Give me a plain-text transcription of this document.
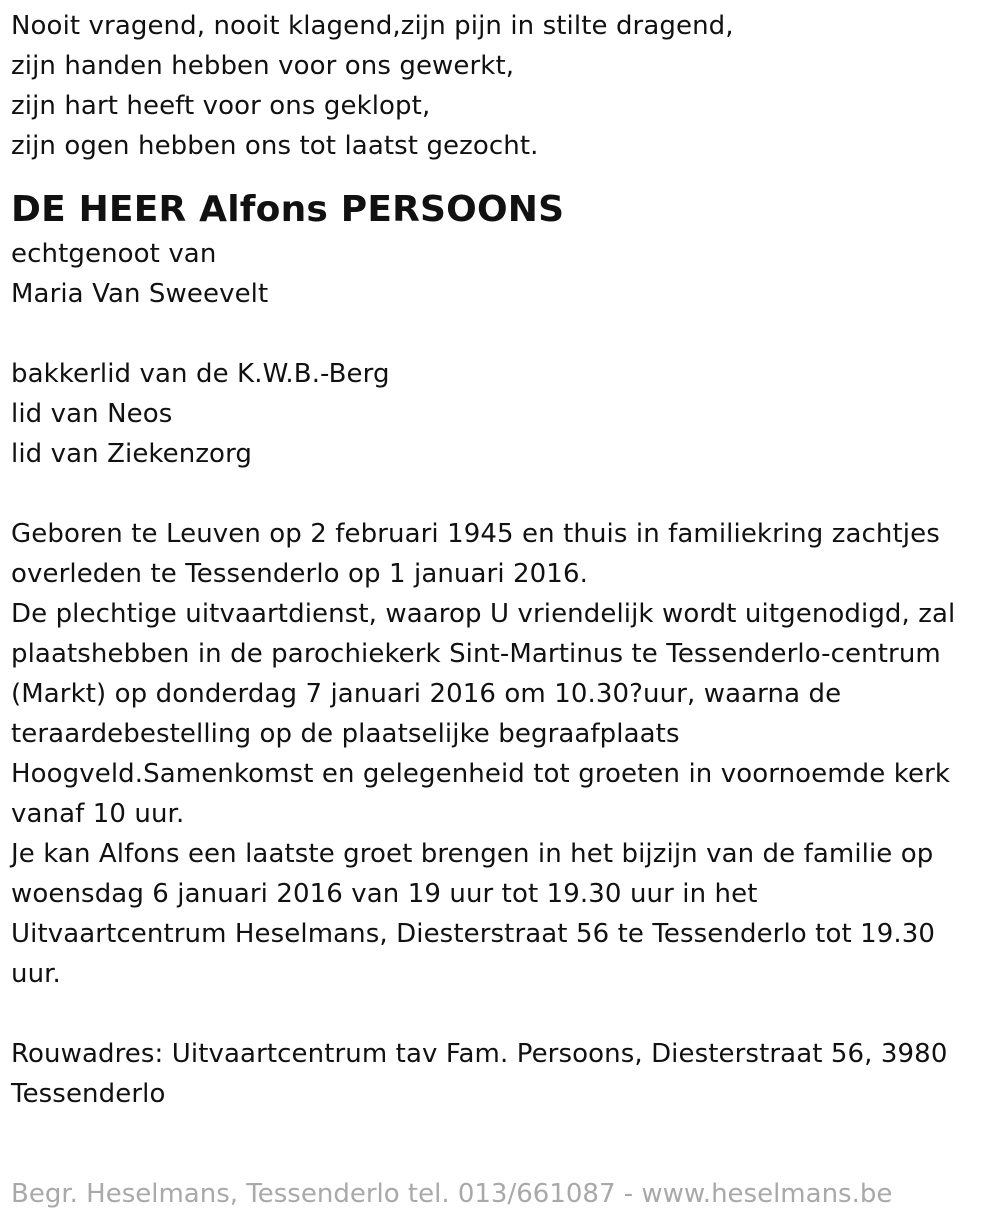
Nooit vragend, nooit klagend,zijn pijn in stilte dragend,
zijn handen hebben voor ons gewerkt,
zijn hart heeft voor ons geklopt,
zijn ogen hebben ons tot laatst gezocht.
DE HEER Alfons PERSOONS
echtgenoot van
Maria Van Sweevelt
bakkerlid van de K.W.B.-Berg
lid van Neos
lid van Ziekenzorg
Geboren te Leuven op 2 februari 1945 en thuis in familiekring zachtjes
overleden te Tessenderlo op 1 januari 2016.
De plechtige uitvaartdienst, waarop U vriendelijk wordt uitgenodigd, zal
plaatshebben in de parochiekerk Sint-Martinus te Tessenderlo-centrum
(Markt) op donderdag 7 januari 2016 om 10.30?uur, waarna de
teraardebestelling op de plaatselijke begraafplaats
Hoogveld.Samenkomst en gelegenheid tot groeten in voornoemde kerk
vanaf 10 uur.
Je kan Alfons een laatste groet brengen in het bijzijn van de familie op
woensdag 6 januari 2016 van 19 uur tot 19.30 uur in het
Uitvaartcentrum Heselmans, Diesterstraat 56 te Tessenderlo tot 19.30
uur.
Rouwadres: Uitvaartcentrum tav Fam. Persoons, Diesterstraat 56, 3980
Tessenderlo
Begr. Heselmans, Tessenderlo tel. 013/661087 - www.heselmans.be
